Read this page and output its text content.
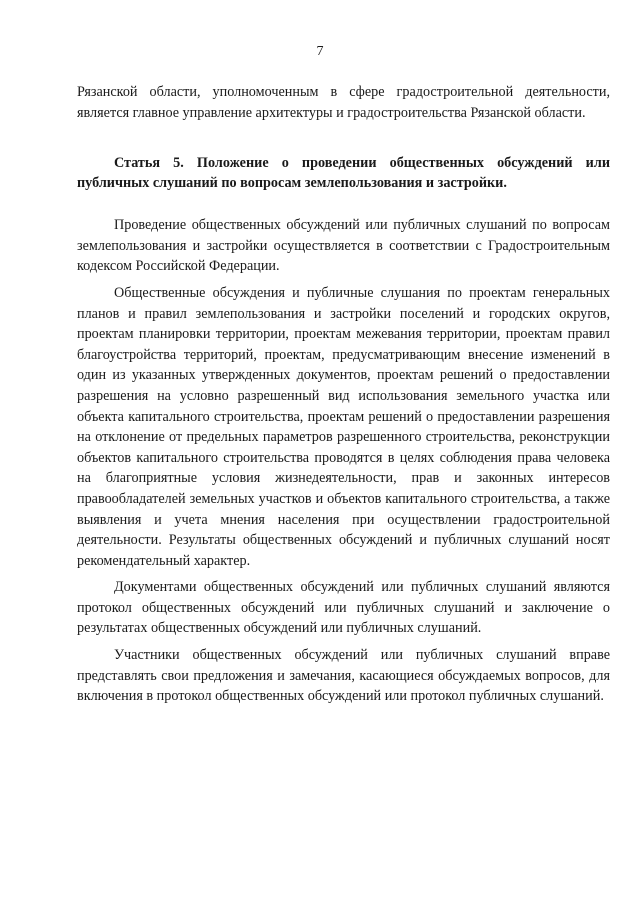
7

Рязанской области, уполномоченным в сфере градостроительной деятельности, является главное управление архитектуры и градостроительства Рязанской области.

Статья 5. Положение о проведении общественных обсуждений или публичных слушаний по вопросам землепользования и застройки.

Проведение общественных обсуждений или публичных слушаний по вопросам землепользования и застройки осуществляется в соответствии с Градостроительным кодексом Российской Федерации.

Общественные обсуждения и публичные слушания по проектам генеральных планов и правил землепользования и застройки поселений и городских округов, проектам планировки территории, проектам межевания территории, проектам правил благоустройства территорий, проектам, предусматривающим внесение изменений в один из указанных утвержденных документов, проектам решений о предоставлении разрешения на условно разрешенный вид использования земельного участка или объекта капитального строительства, проектам решений о предоставлении разрешения на отклонение от предельных параметров разрешенного строительства, реконструкции объектов капитального строительства проводятся в целях соблюдения права человека на благоприятные условия жизнедеятельности, прав и законных интересов правообладателей земельных участков и объектов капитального строительства, а также выявления и учета мнения населения при осуществлении градостроительной деятельности. Результаты общественных обсуждений и публичных слушаний носят рекомендательный характер.

Документами общественных обсуждений или публичных слушаний являются протокол общественных обсуждений или публичных слушаний и заключение о результатах общественных обсуждений или публичных слушаний.

Участники общественных обсуждений или публичных слушаний вправе представлять свои предложения и замечания, касающиеся обсуждаемых вопросов, для включения в протокол общественных обсуждений или протокол публичных слушаний.
